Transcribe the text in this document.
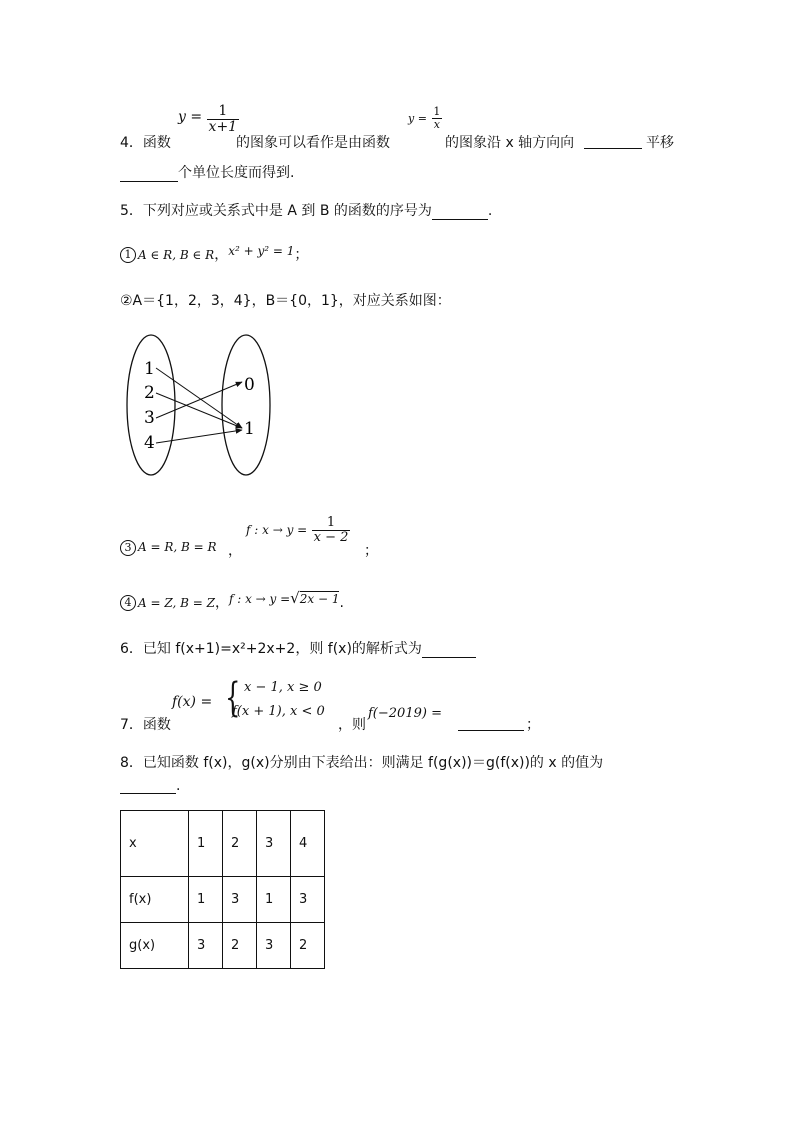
4．函数
$y = \frac{1}{x+1}$
的图象可以看作是由函数
$y = \frac{1}{x}$
的图象沿 x 轴方向向	平移
个单位长度而得到.
5．下列对应或关系式中是 A 到 B 的函数的序号为	.
1 A ∈ R, B ∈ R，x² + y² = 1；
②A＝{1，2，3，4}，B＝{0，1}，对应关系如图：
1
2
3
4
0
1
3 A = R, B = R ，
f : $x \to y = \frac{1}{x - 2}$
；
4 A = Z, B = Z，f : x → y =√2x − 1.
6．已知 f(x+1)=x²+2x+2，则 f(x)的解析式为
7．函数
f(x) = { x − 1, x ≥ 0
f(x + 1), x < 0
，则
f(−2019) =
；
8．已知函数 f(x)，g(x)分别由下表给出：则满足 f(g(x))＝g(f(x))的 x 的值为
.
x	1	2	3	4
f(x)	1	3	1	3
g(x)	3	2	3	2
